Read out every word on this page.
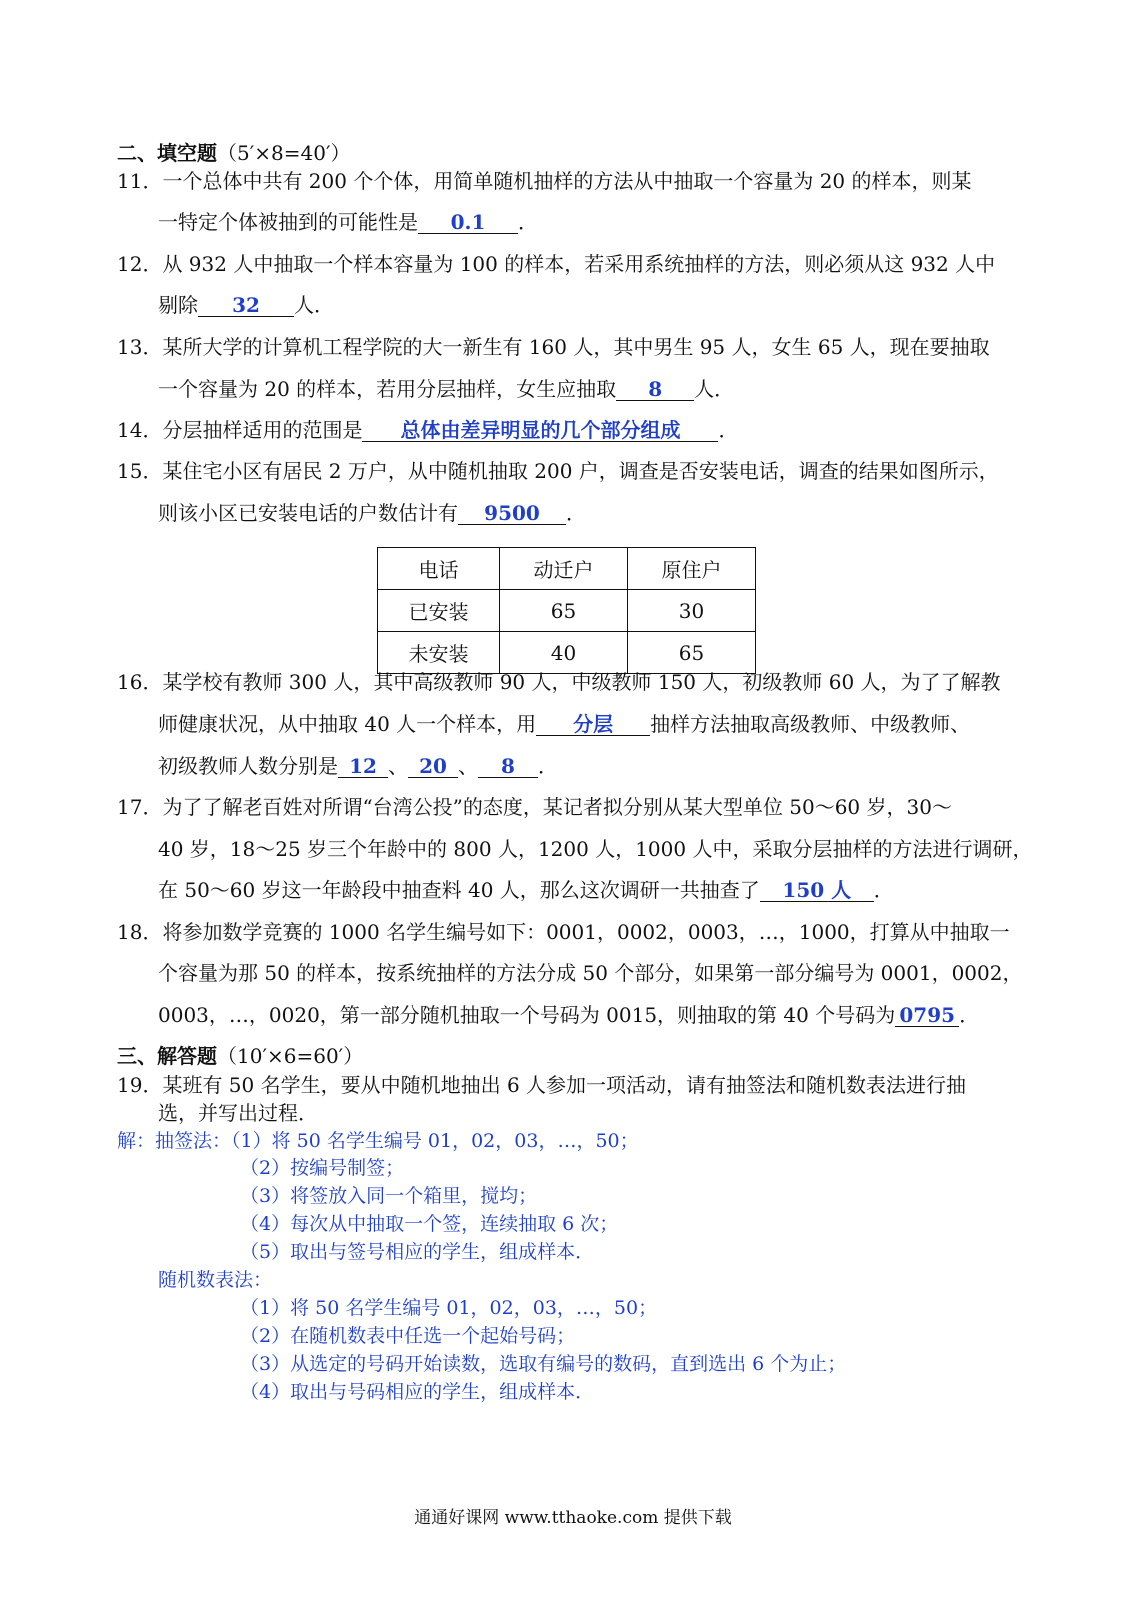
二、填空题（5′×8=40′）
11．一个总体中共有 200 个个体，用简单随机抽样的方法从中抽取一个容量为 20 的样本，则某
一特定个体被抽到的可能性是 0.1 ．
12．从 932 人中抽取一个样本容量为 100 的样本，若采用系统抽样的方法，则必须从这 932 人中
剔除 32 人．
13．某所大学的计算机工程学院的大一新生有 160 人，其中男生 95 人，女生 65 人，现在要抽取
一个容量为 20 的样本，若用分层抽样，女生应抽取 8 人．
14．分层抽样适用的范围是 总体由差异明显的几个部分组成 ．
15．某住宅小区有居民 2 万户，从中随机抽取 200 户，调查是否安装电话，调查的结果如图所示，
则该小区已安装电话的户数估计有 9500 ．
电话	动迁户	原住户
已安装	65	30
未安装	40	65
16．某学校有教师 300 人，其中高级教师 90 人，中级教师 150 人，初级教师 60 人，为了了解教
师健康状况，从中抽取 40 人一个样本，用 分层 抽样方法抽取高级教师、中级教师、
初级教师人数分别是 12 、 20 、 8 ．
17．为了了解老百姓对所谓“台湾公投”的态度，某记者拟分别从某大型单位 50～60 岁，30～
40 岁，18～25 岁三个年龄中的 800 人，1200 人，1000 人中，采取分层抽样的方法进行调研，
在 50～60 岁这一年龄段中抽查料 40 人，那么这次调研一共抽查了 150 人 ．
18．将参加数学竞赛的 1000 名学生编号如下：0001，0002，0003，…，1000，打算从中抽取一
个容量为那 50 的样本，按系统抽样的方法分成 50 个部分，如果第一部分编号为 0001，0002，
0003，…，0020，第一部分随机抽取一个号码为 0015，则抽取的第 40 个号码为 0795 ．
三、解答题（10′×6=60′）
19．某班有 50 名学生，要从中随机地抽出 6 人参加一项活动，请有抽签法和随机数表法进行抽
选，并写出过程．
解：抽签法：（1）将 50 名学生编号 01，02，03，…，50；
（2）按编号制签；
（3）将签放入同一个箱里，搅均；
（4）每次从中抽取一个签，连续抽取 6 次；
（5）取出与签号相应的学生，组成样本．
随机数表法：
（1）将 50 名学生编号 01，02，03，…，50；
（2）在随机数表中任选一个起始号码；
（3）从选定的号码开始读数，选取有编号的数码，直到选出 6 个为止；
（4）取出与号码相应的学生，组成样本．
通通好课网 www.tthaoke.com 提供下载
